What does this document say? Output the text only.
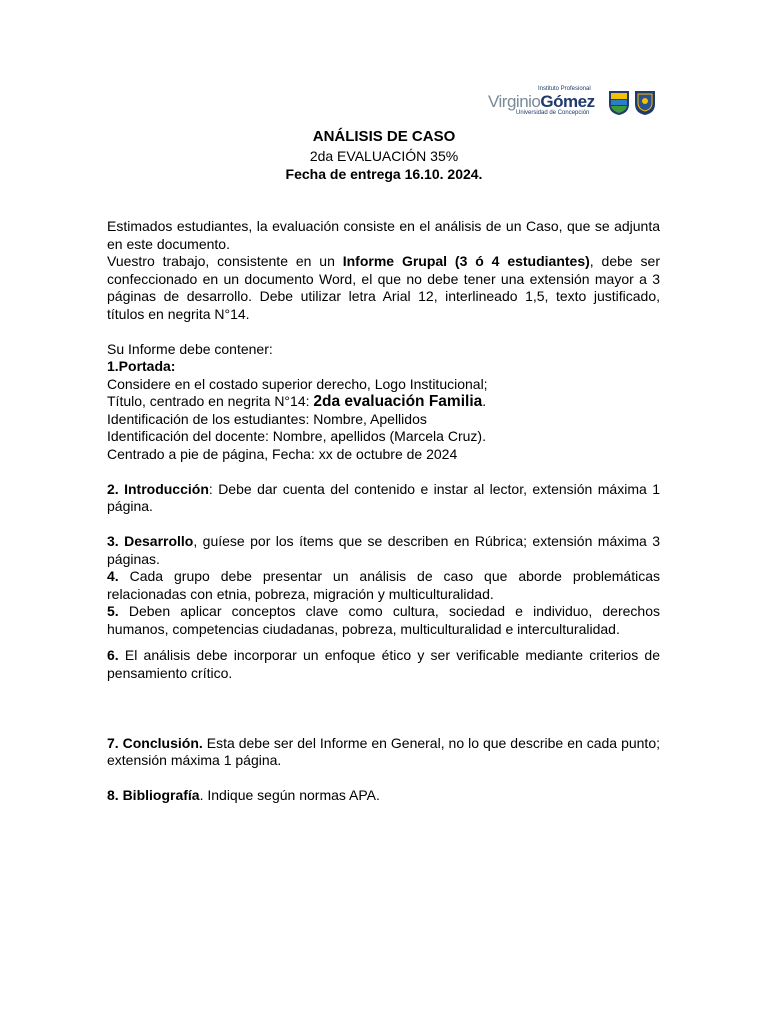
Instituto Profesional
VirginioGómez
Universidad de Concepción
ANÁLISIS DE CASO
2da EVALUACIÓN 35%
Fecha de entrega 16.10. 2024.

Estimados estudiantes, la evaluación consiste en el análisis de un Caso, que se adjunta en este documento.

Vuestro trabajo, consistente en un Informe Grupal (3 ó 4 estudiantes), debe ser confeccionado en un documento Word, el que no debe tener una extensión mayor a 3 páginas de desarrollo. Debe utilizar letra Arial 12, interlineado 1,5, texto justificado, títulos en negrita N°14.

Su Informe debe contener:

1.Portada:

Considere en el costado superior derecho, Logo Institucional;

Título, centrado en negrita N°14: 2da evaluación Familia.

Identificación de los estudiantes: Nombre, Apellidos

Identificación del docente: Nombre, apellidos (Marcela Cruz).

Centrado a pie de página, Fecha: xx de octubre de 2024

2. Introducción: Debe dar cuenta del contenido e instar al lector, extensión máxima 1 página.

3. Desarrollo, guíese por los ítems que se describen en Rúbrica; extensión máxima 3 páginas.

4. Cada grupo debe presentar un análisis de caso que aborde problemáticas relacionadas con etnia, pobreza, migración y multiculturalidad.

5. Deben aplicar conceptos clave como cultura, sociedad e individuo, derechos humanos, competencias ciudadanas, pobreza, multiculturalidad e interculturalidad.

6. El análisis debe incorporar un enfoque ético y ser verificable mediante criterios de pensamiento crítico.

7. Conclusión. Esta debe ser del Informe en General, no lo que describe en cada punto; extensión máxima 1 página.

8. Bibliografía. Indique según normas APA.
